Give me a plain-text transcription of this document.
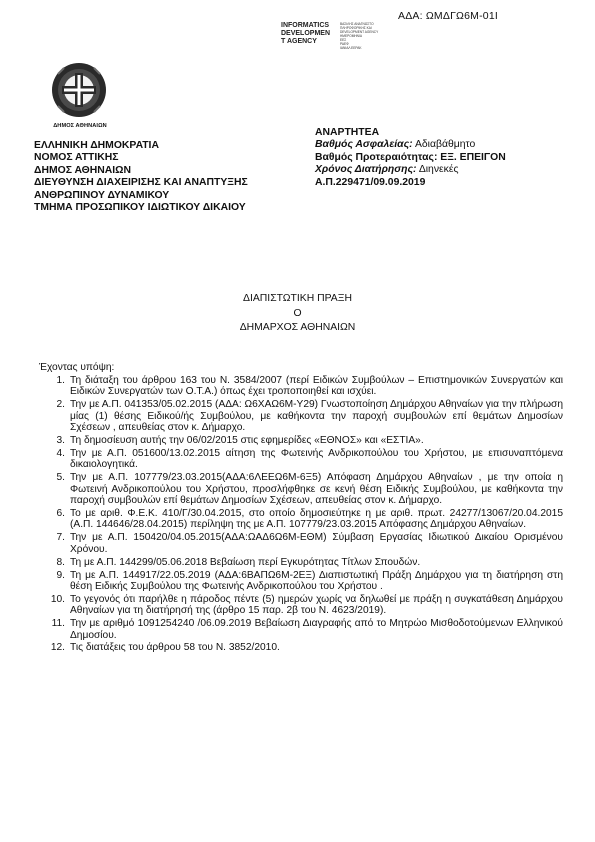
ΑΔΑ: ΩΜΔΓΩ6Μ-01Ι
INFORMATICS
DEVELOPMEN
T AGENCY
ΒΑΣΙΛΗΣ ΑΝΑΓΝΩΣΤΟ
ΠΛΗΡΟΦΟΡΙΚΗΣ ΚΑΙ
DEVELOPMENT AGENCY
ΗΜΕΡΟΜΗΝΙΑ
ΕΕΣ
ΡΑΕΦ
ΙΑΝΙΑΛ ΕΕΡΑΚ
ΔΗΜΟΣ ΑΘΗΝΑΙΩΝ
ΕΛΛΗΝΙΚΗ ΔΗΜΟΚΡΑΤΙΑ
ΝΟΜΟΣ ΑΤΤΙΚΗΣ
ΔΗΜΟΣ ΑΘΗΝΑΙΩΝ
ΔΙΕΥΘΥΝΣΗ ΔΙΑΧΕΙΡΙΣΗΣ ΚΑΙ ΑΝΑΠΤΥΞΗΣ
ΑΝΘΡΩΠΙΝΟΥ ΔΥΝΑΜΙΚΟΥ
ΤΜΗΜΑ ΠΡΟΣΩΠΙΚΟΥ ΙΔΙΩΤΙΚΟΥ ΔΙΚΑΙΟΥ
ΑΝΑΡΤΗΤΕΑ
Βαθμός Ασφαλείας: Αδιαβάθμητο
Βαθμός Προτεραιότητας: ΕΞ. ΕΠΕΙΓΟΝ
Χρόνος Διατήρησης: Διηνεκές
Α.Π.229471/09.09.2019
ΔΙΑΠΙΣΤΩΤΙΚΗ ΠΡΑΞΗ
Ο
ΔΗΜΑΡΧΟΣ ΑΘΗΝΑΙΩΝ
Έχοντας υπόψη:
1. Τη διάταξη του άρθρου 163 του Ν. 3584/2007 (περί Ειδικών Συμβούλων – Επιστημονικών Συνεργατών και Ειδικών Συνεργατών των Ο.Τ.Α.) όπως έχει τροποποιηθεί και ισχύει.
2. Την με Α.Π. 041353/05.02.2015 (ΑΔΑ: Ω6ΧΑΩ6Μ-Υ29) Γνωστοποίηση Δημάρχου Αθηναίων για την πλήρωση μίας (1) θέσης Ειδικού/ής Συμβούλου, με καθήκοντα την παροχή συμβουλών επί θεμάτων Δημοσίων Σχέσεων , απευθείας στον κ. Δήμαρχο.
3. Τη δημοσίευση αυτής την 06/02/2015 στις εφημερίδες «ΕΘΝΟΣ» και «ΕΣΤΙΑ».
4. Την με Α.Π. 051600/13.02.2015 αίτηση της Φωτεινής Ανδρικοπούλου του Χρήστου, με επισυναπτόμενα δικαιολογητικά.
5. Την με Α.Π. 107779/23.03.2015(ΑΔΑ:6ΛΕΕΩ6Μ-6Ξ5) Απόφαση Δημάρχου Αθηναίων , με την οποία η Φωτεινή Ανδρικοπούλου του Χρήστου, προσλήφθηκε σε κενή θέση Ειδικής Συμβούλου, με καθήκοντα την παροχή συμβουλών επί θεμάτων Δημοσίων Σχέσεων, απευθείας στον κ. Δήμαρχο.
6. Το με αριθ. Φ.Ε.Κ. 410/Γ/30.04.2015, στο οποίο δημοσιεύτηκε η με αριθ. πρωτ. 24277/13067/20.04.2015 (Α.Π. 144646/28.04.2015) περίληψη της με Α.Π. 107779/23.03.2015 Απόφασης Δημάρχου Αθηναίων.
7. Την με Α.Π. 150420/04.05.2015(ΑΔΑ:ΩΑΔ6Ω6Μ-ΕΘΜ) Σύμβαση Εργασίας Ιδιωτικού Δικαίου Ορισμένου Χρόνου.
8. Τη με Α.Π. 144299/05.06.2018 Βεβαίωση περί Εγκυρότητας Τίτλων Σπουδών.
9. Τη με Α.Π. 144917/22.05.2019 (ΑΔΑ:6ΒΑΠΩ6Μ-2ΕΞ) Διαπιστωτική Πράξη Δημάρχου για τη διατήρηση στη θέση Ειδικής Συμβούλου της Φωτεινής Ανδρικοπούλου του Χρήστου .
10. Το γεγονός ότι παρήλθε η πάροδος πέντε (5) ημερών χωρίς να δηλωθεί με πράξη η συγκατάθεση Δημάρχου Αθηναίων για τη διατήρησή της (άρθρο 15 παρ. 2β του Ν. 4623/2019).
11. Την με αριθμό 1091254240 /06.09.2019 Βεβαίωση Διαγραφής από το Μητρώο Μισθοδοτούμενων Ελληνικού Δημοσίου.
12. Τις διατάξεις του άρθρου 58 του Ν. 3852/2010.
